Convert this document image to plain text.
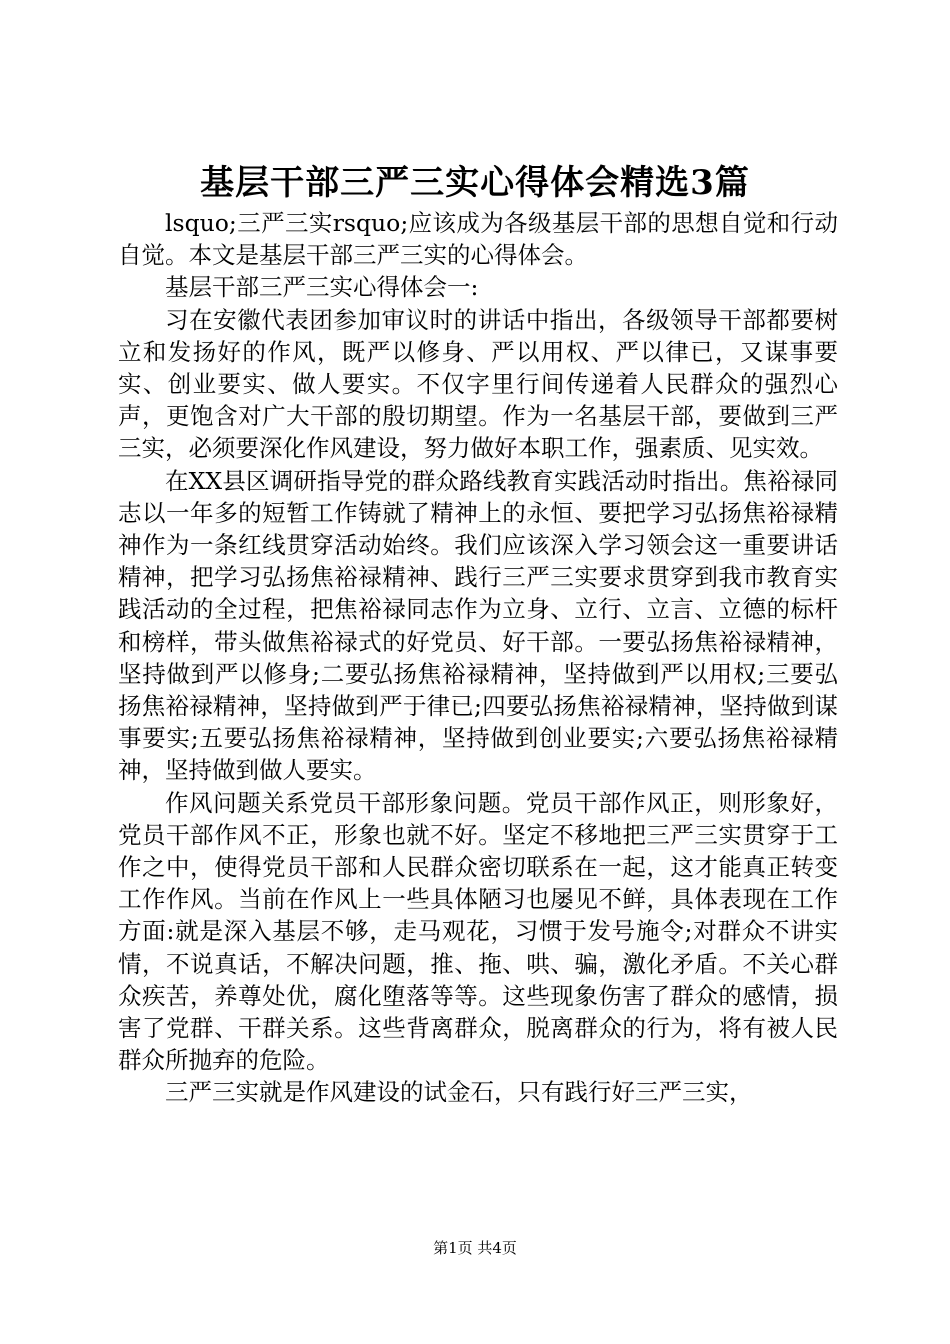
基层干部三严三实心得体会精选3篇

lsquo;三严三实rsquo;应该成为各级基层干部的思想自觉和行动自觉。本文是基层干部三严三实的心得体会。

基层干部三严三实心得体会一:

习在安徽代表团参加审议时的讲话中指出，各级领导干部都要树立和发扬好的作风，既严以修身、严以用权、严以律已，又谋事要实、创业要实、做人要实。不仅字里行间传递着人民群众的强烈心声，更饱含对广大干部的殷切期望。作为一名基层干部，要做到三严三实，必须要深化作风建设，努力做好本职工作，强素质、见实效。

在XX县区调研指导党的群众路线教育实践活动时指出。焦裕禄同志以一年多的短暂工作铸就了精神上的永恒、要把学习弘扬焦裕禄精神作为一条红线贯穿活动始终。我们应该深入学习领会这一重要讲话精神，把学习弘扬焦裕禄精神、践行三严三实要求贯穿到我市教育实践活动的全过程，把焦裕禄同志作为立身、立行、立言、立德的标杆和榜样，带头做焦裕禄式的好党员、好干部。一要弘扬焦裕禄精神，坚持做到严以修身;二要弘扬焦裕禄精神，坚持做到严以用权;三要弘扬焦裕禄精神，坚持做到严于律已;四要弘扬焦裕禄精神，坚持做到谋事要实;五要弘扬焦裕禄精神，坚持做到创业要实;六要弘扬焦裕禄精神，坚持做到做人要实。

作风问题关系党员干部形象问题。党员干部作风正，则形象好，党员干部作风不正，形象也就不好。坚定不移地把三严三实贯穿于工作之中，使得党员干部和人民群众密切联系在一起，这才能真正转变工作作风。当前在作风上一些具体陋习也屡见不鲜，具体表现在工作方面:就是深入基层不够，走马观花，习惯于发号施令;对群众不讲实情，不说真话，不解决问题，推、拖、哄、骗，激化矛盾。不关心群众疾苦，养尊处优，腐化堕落等等。这些现象伤害了群众的感情，损害了党群、干群关系。这些背离群众，脱离群众的行为，将有被人民群众所抛弃的危险。

三严三实就是作风建设的试金石，只有践行好三严三实，

第1页 共4页
